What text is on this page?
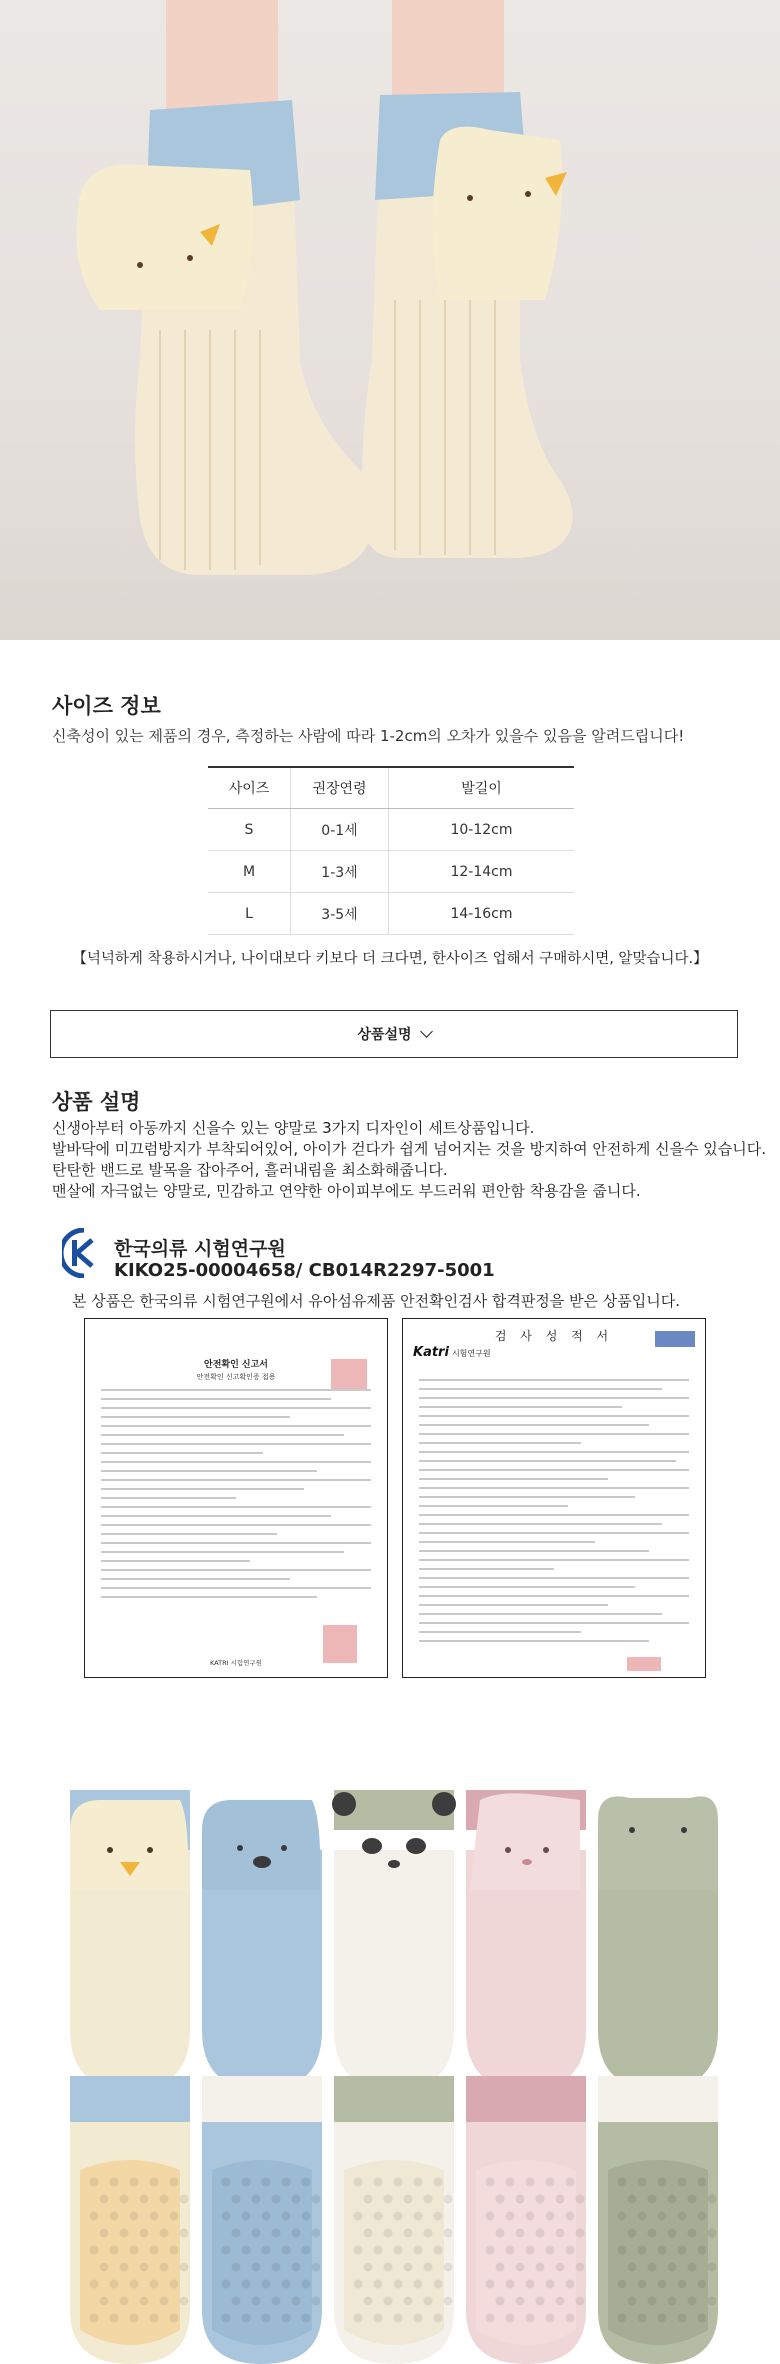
사이즈 정보
신축성이 있는 제품의 경우, 측정하는 사람에 따라 1-2cm의 오차가 있을수 있음을 알려드립니다!
사이즈	권장연령	발길이
S	0-1세	10-12cm
M	1-3세	12-14cm
L	3-5세	14-16cm
【넉넉하게 착용하시거나, 나이대보다 키보다 더 크다면, 한사이즈 업해서 구매하시면, 알맞습니다.】
상품설명
상품 설명
신생아부터 아동까지 신을수 있는 양말로 3가지 디자인이 세트상품입니다.
발바닥에 미끄럼방지가 부착되어있어, 아이가 걷다가 쉽게 넘어지는 것을 방지하여 안전하게 신을수 있습니다.
탄탄한 밴드로 발목을 잡아주어, 흘러내림을 최소화해줍니다.
맨살에 자극없는 양말로, 민감하고 연약한 아이피부에도 부드러워 편안함 착용감을 줍니다.
한국의류 시험연구원
KIKO25-00004658/ CB014R2297-5001
본 상품은 한국의류 시험연구원에서 유아섬유제품 안전확인검사 합격판정을 받은 상품입니다.
안전확인 신고서
안전확인 신고확인증 접용
KATRI 시험연구원
검 사 성 적 서
Katri 시험연구원
